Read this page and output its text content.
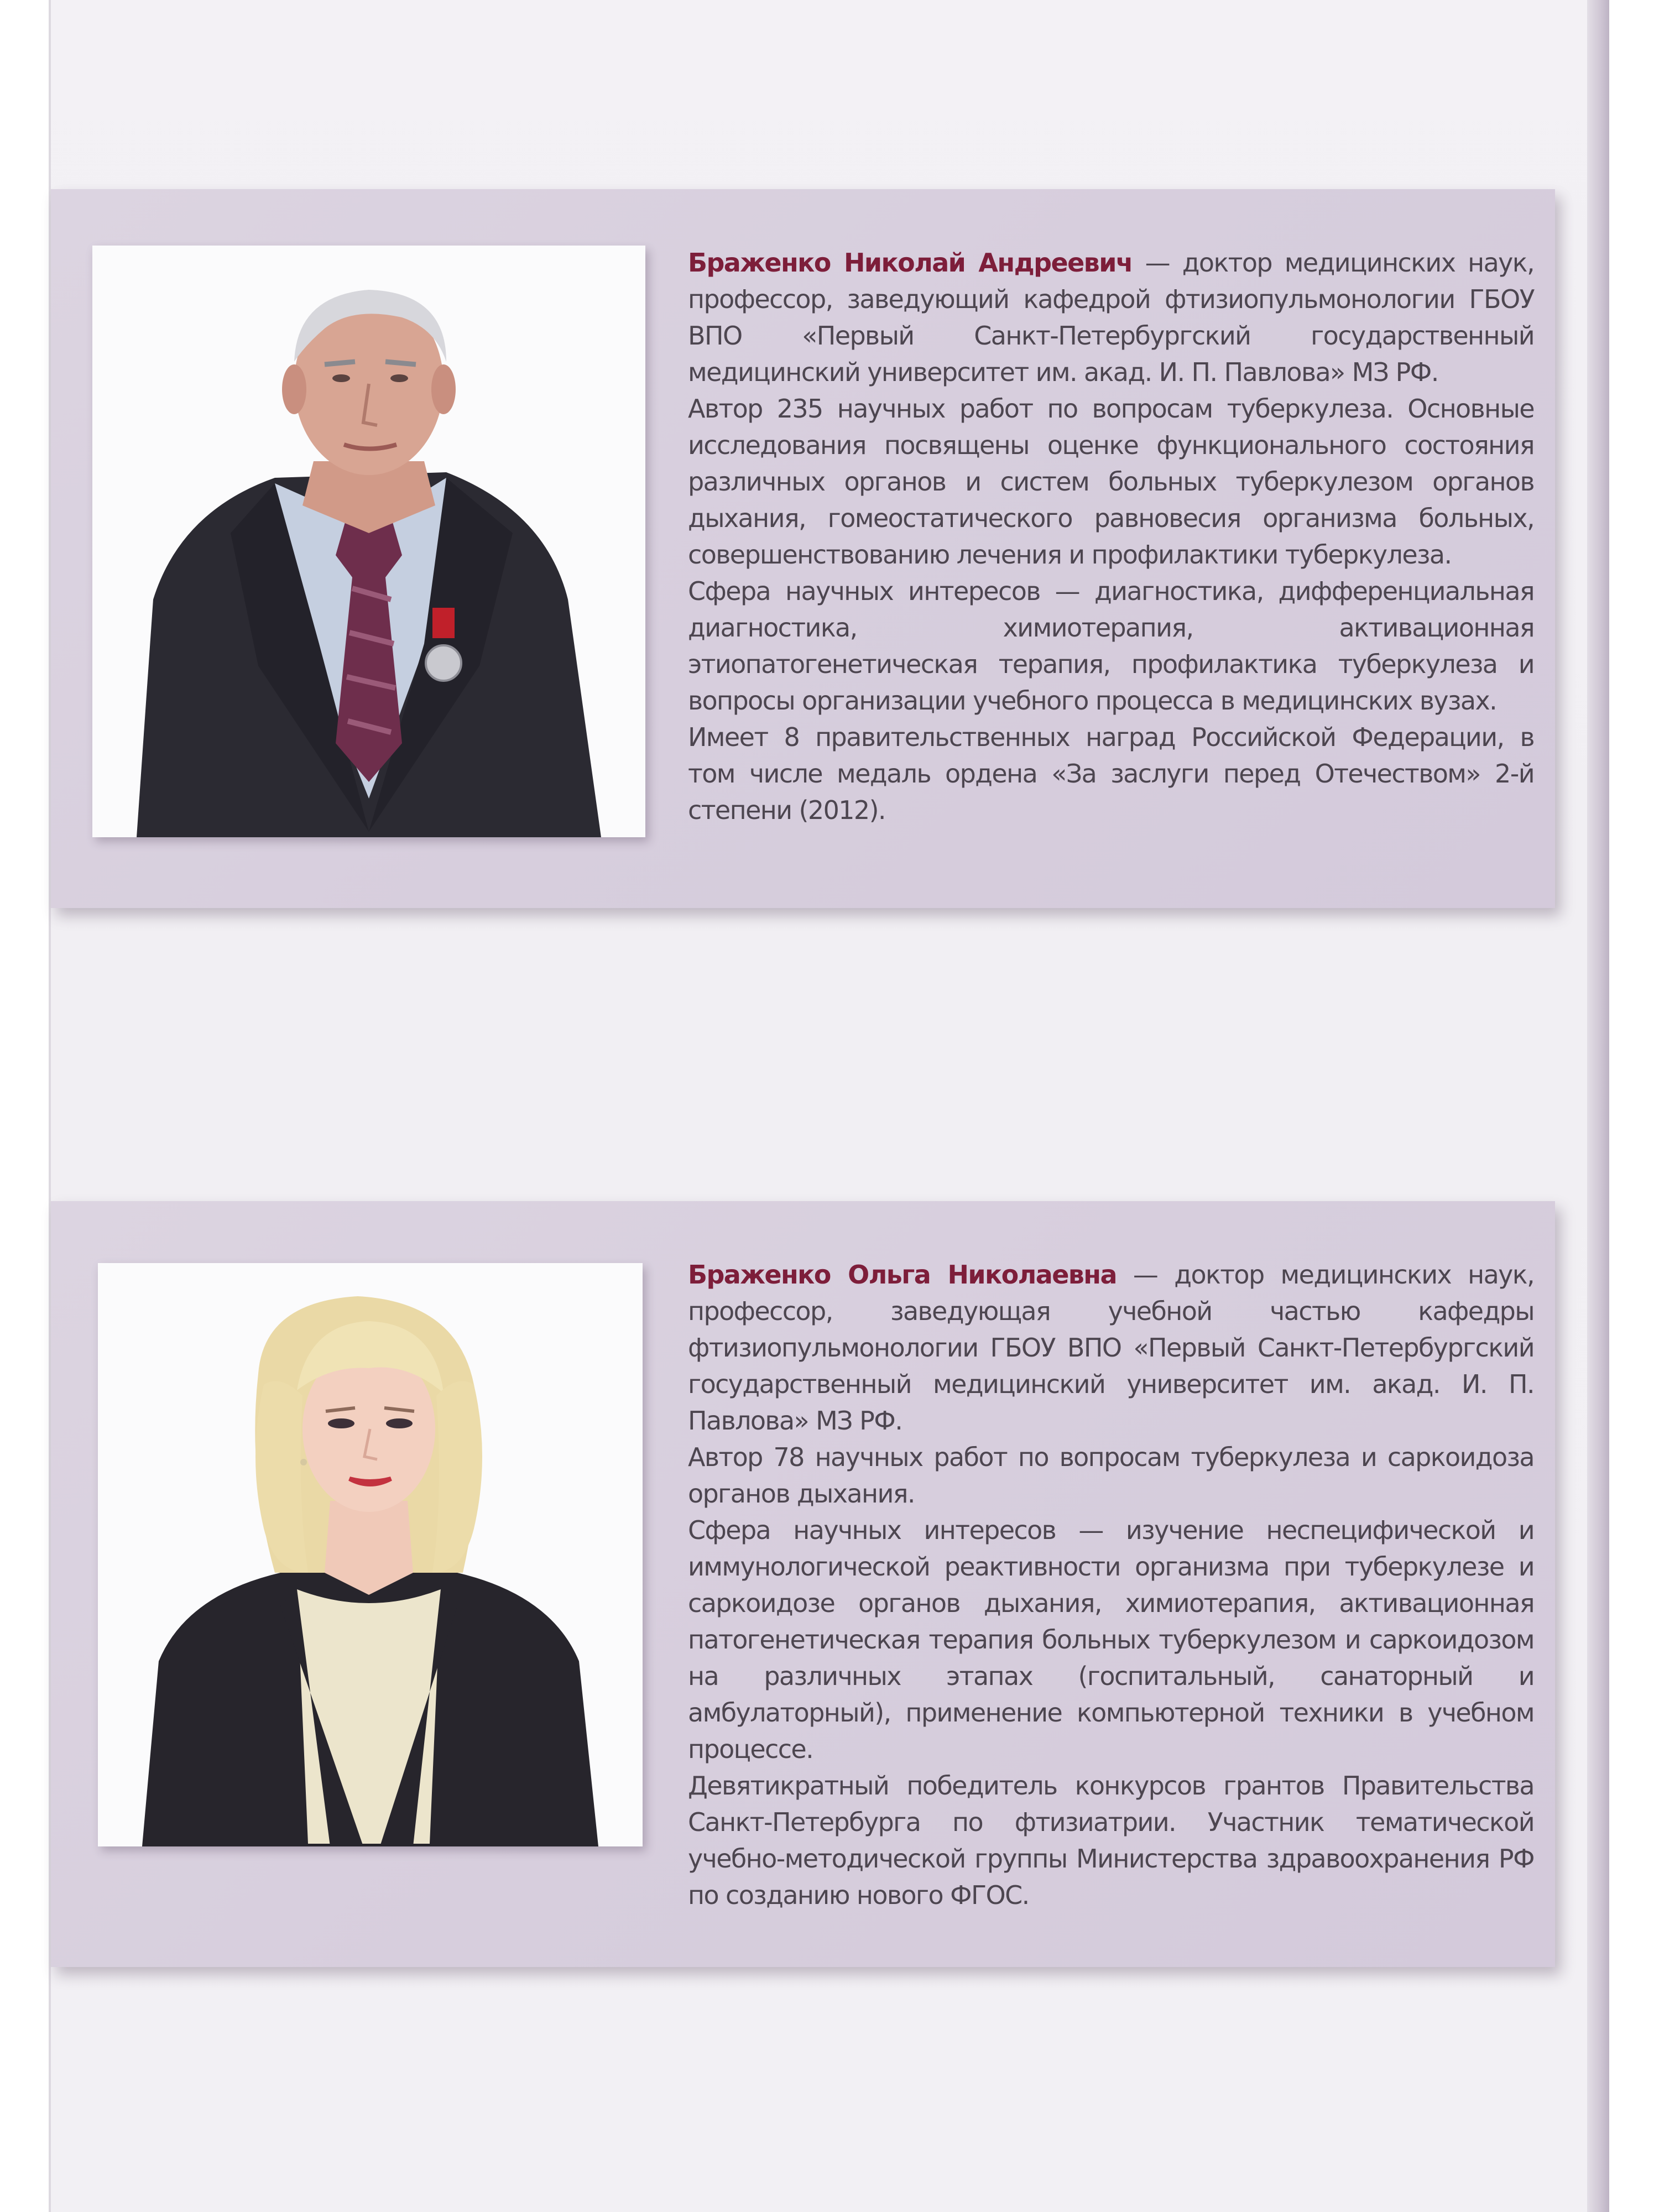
Браженко Николай Андреевич — доктор медицинских наук, профессор, заведующий кафедрой фтизиопульмонологии ГБОУ ВПО «Первый Санкт-Петербургский государственный медицинский университет им. акад. И. П. Павлова» МЗ РФ.

Автор 235 научных работ по вопросам туберкулеза. Основные исследования посвящены оценке функционального состояния различных органов и систем больных туберкулезом органов дыхания, гомеостатического равновесия организма больных, совершенствованию лечения и профилактики туберкулеза.

Сфера научных интересов — диагностика, дифференциальная диагностика, химиотерапия, активационная этиопатогенетическая терапия, профилактика туберкулеза и вопросы организации учебного процесса в медицинских вузах.

Имеет 8 правительственных наград Российской Федерации, в том числе медаль ордена «За заслуги перед Отечеством» 2-й степени (2012).

Браженко Ольга Николаевна — доктор медицинских наук, профессор, заведующая учебной частью кафедры фтизиопульмонологии ГБОУ ВПО «Первый Санкт-Петербургский государственный медицинский университет им. акад. И. П. Павлова» МЗ РФ.

Автор 78 научных работ по вопросам туберкулеза и саркоидоза органов дыхания.

Сфера научных интересов — изучение неспецифической и иммунологической реактивности организма при туберкулезе и саркоидозе органов дыхания, химиотерапия, активационная патогенетическая терапия больных туберкулезом и саркоидозом на различных этапах (госпитальный, санаторный и амбулаторный), применение компьютерной техники в учебном процессе.

Девятикратный победитель конкурсов грантов Правительства Санкт-Петербурга по фтизиатрии. Участник тематической учебно-методической группы Министерства здравоохранения РФ по созданию нового ФГОС.
